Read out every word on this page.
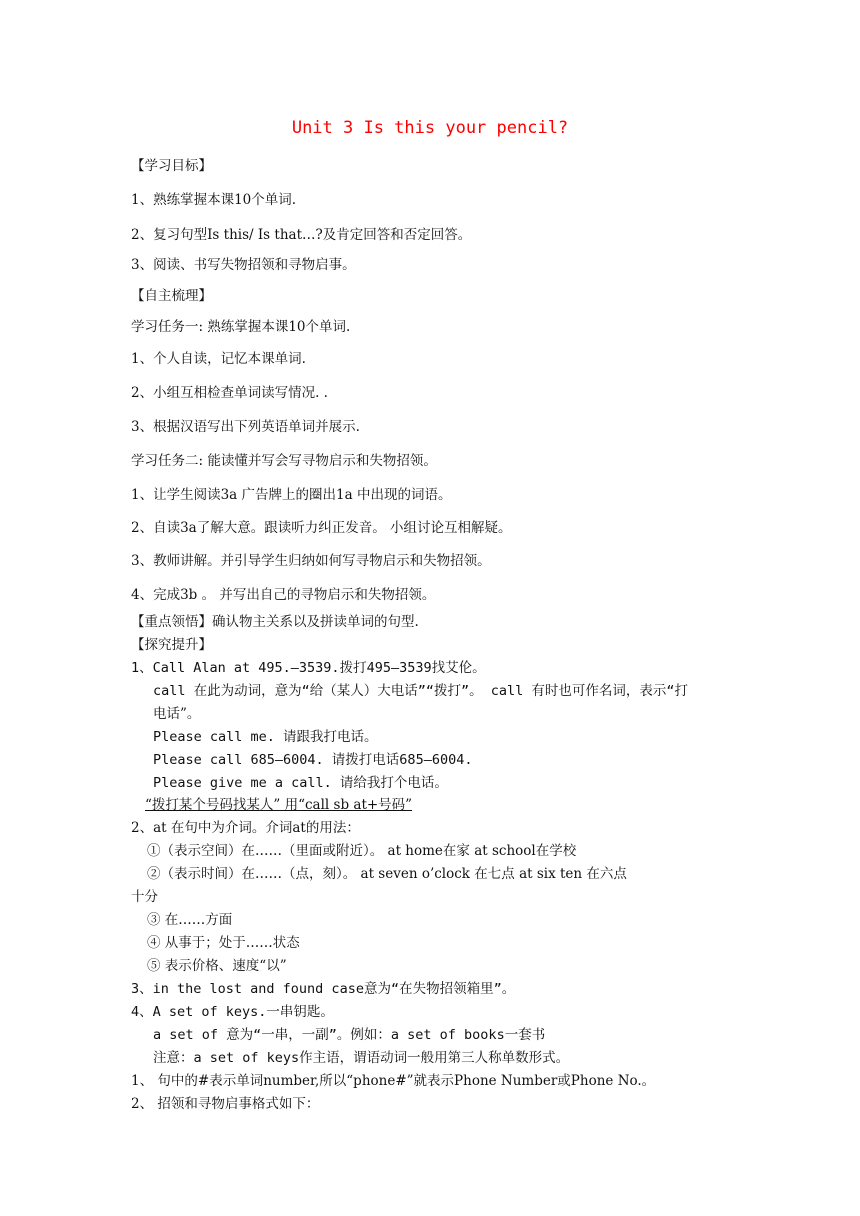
Unit 3 Is this your pencil?
【学习目标】
1、熟练掌握本课10个单词.
2、复习句型Is this/ Is that…?及肯定回答和否定回答。
3、阅读、书写失物招领和寻物启事。
【自主梳理】
学习任务一: 熟练掌握本课10个单词.
1、个人自读，记忆本课单词.
2、小组互相检查单词读写情况. .
3、根据汉语写出下列英语单词并展示.
学习任务二: 能读懂并写会写寻物启示和失物招领。
1、让学生阅读3a 广告牌上的圈出1a 中出现的词语。
2、自读3a了解大意。跟读听力纠正发音。 小组讨论互相解疑。
3、教师讲解。并引导学生归纳如何写寻物启示和失物招领。
4、完成3b 。 并写出自己的寻物启示和失物招领。
【重点领悟】确认物主关系以及拼读单词的句型.
【探究提升】
1、Call Alan at 495.—3539.拨打495—3539找艾伦。
call 在此为动词，意为“给（某人）大电话”“拨打”。 call 有时也可作名词，表示“打
电话”。
Please call me. 请跟我打电话。
Please call 685—6004. 请拨打电话685—6004.
Please give me a call. 请给我打个电话。
“拨打某个号码找某人” 用“call sb at+号码”
2、at 在句中为介词。介词at的用法：
①（表示空间）在……（里面或附近）。 at home在家 at school在学校
②（表示时间）在……（点，刻）。 at seven o’clock 在七点 at six ten 在六点
十分
③ 在……方面
④ 从事于；处于……状态
⑤ 表示价格、速度“以”
3、in the lost and found case意为“在失物招领箱里”。
4、A set of keys.一串钥匙。
a set of 意为“一串，一副”。例如：a set of books一套书
注意：a set of keys作主语，谓语动词一般用第三人称单数形式。
1、 句中的#表示单词number,所以“phone#”就表示Phone Number或Phone No.。
2、 招领和寻物启事格式如下：
